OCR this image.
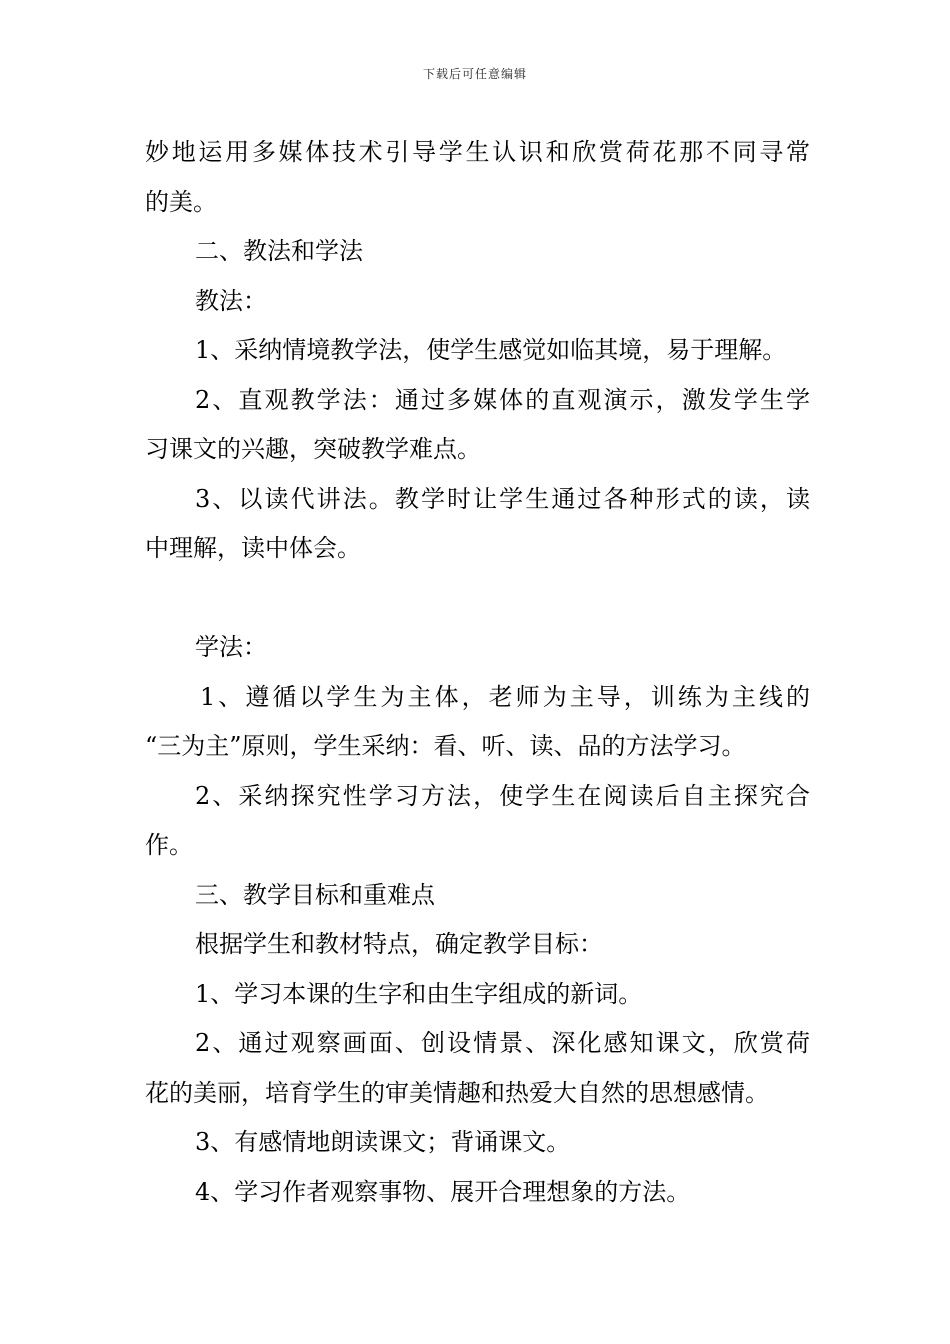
下载后可任意编辑
妙地运用多媒体技术引导学生认识和欣赏荷花那不同寻常
的美。
二、教法和学法
教法：
1、采纳情境教学法，使学生感觉如临其境，易于理解。
2、直观教学法：通过多媒体的直观演示，激发学生学
习课文的兴趣，突破教学难点。
3、以读代讲法。教学时让学生通过各种形式的读，读
中理解，读中体会。
学法：
1、遵循以学生为主体，老师为主导，训练为主线的
“三为主”原则，学生采纳：看、听、读、品的方法学习。
2、采纳探究性学习方法，使学生在阅读后自主探究合
作。
三、教学目标和重难点
根据学生和教材特点，确定教学目标：
1、学习本课的生字和由生字组成的新词。
2、通过观察画面、创设情景、深化感知课文，欣赏荷
花的美丽，培育学生的审美情趣和热爱大自然的思想感情。
3、有感情地朗读课文；背诵课文。
4、学习作者观察事物、展开合理想象的方法。
